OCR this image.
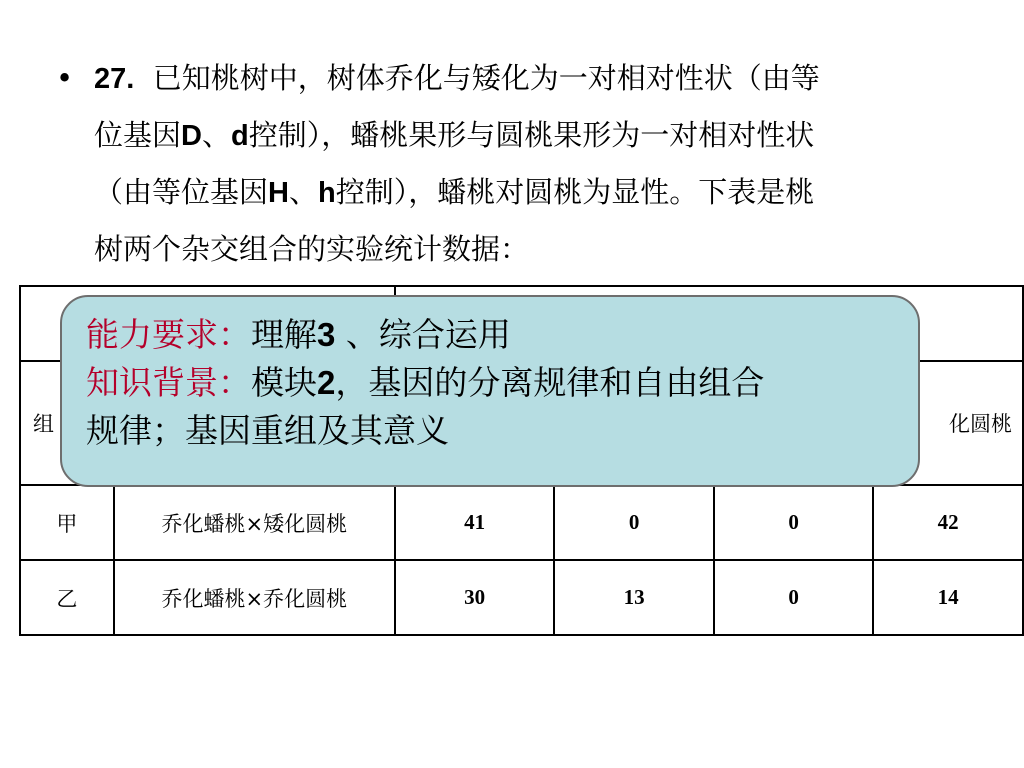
• 27. 已知桃树中，树体乔化与矮化为一对相对性状（由等
位基因D、d控制），蟠桃果形与圆桃果形为一对相对性状
（由等位基因H、h控制），蟠桃对圆桃为显性。下表是桃
树两个杂交组合的实验统计数据：

组					化圆桃
甲	乔化蟠桃×矮化圆桃	41	0	0	42
乙	乔化蟠桃×乔化圆桃	30	13	0	14
能力要求：理解3 、综合运用
知识背景：模块2，基因的分离规律和自由组合
规律；基因重组及其意义
